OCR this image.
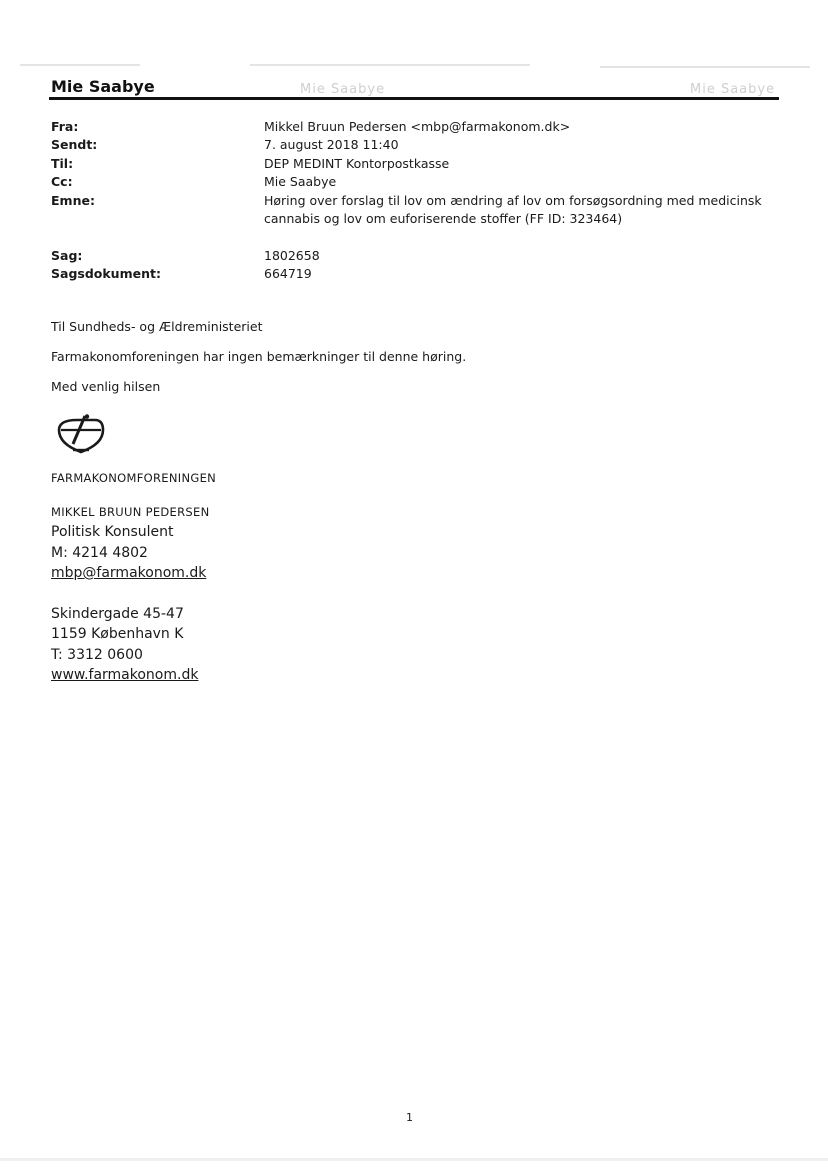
Mie Saabye	Mie Saabye
Mie Saabye
Fra:	Mikkel Bruun Pedersen <mbp@farmakonom.dk>
Sendt:	7. august 2018 11:40
Til:	DEP MEDINT Kontorpostkasse
Cc:	Mie Saabye
Emne:	Høring over forslag til lov om ændring af lov om forsøgsordning med medicinsk cannabis og lov om euforiserende stoffer (FF ID: 323464)
Sag:	1802658
Sagsdokument:	664719
Til Sundheds- og Ældreministeriet
Farmakonomforeningen har ingen bemærkninger til denne høring.
Med venlig hilsen
FARMAKONOMFORENINGEN
MIKKEL BRUUN PEDERSEN
Politisk Konsulent
M: 4214 4802
mbp@farmakonom.dk
Skindergade 45-47
1159 København K
T: 3312 0600
www.farmakonom.dk
1
